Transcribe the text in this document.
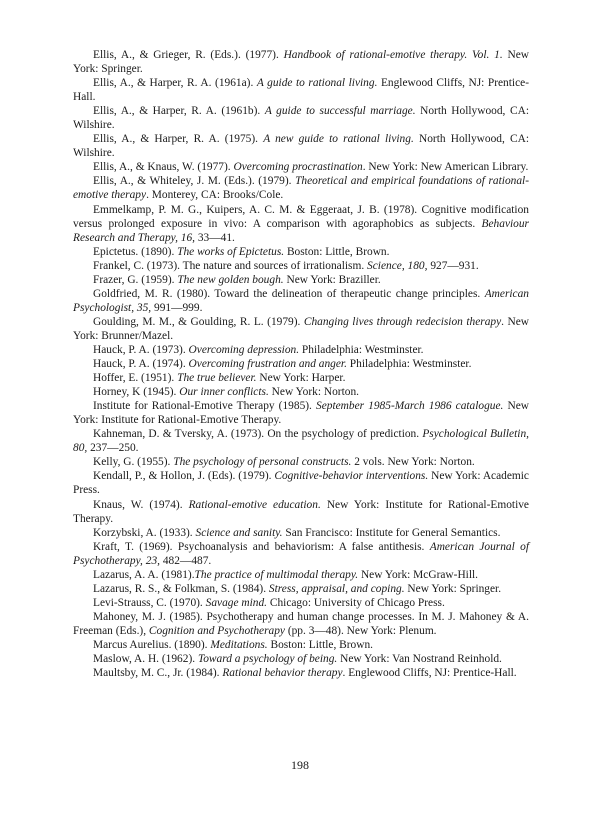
Ellis, A., & Grieger, R. (Eds.). (1977). Handbook of rational-emotive therapy. Vol. 1. New York: Springer.

Ellis, A., & Harper, R. A. (1961a). A guide to rational living. Englewood Cliffs, NJ: Prentice-Hall.

Ellis, A., & Harper, R. A. (1961b). A guide to successful marriage. North Hollywood, CA: Wilshire.

Ellis, A., & Harper, R. A. (1975). A new guide to rational living. North Hollywood, CA: Wilshire.

Ellis, A., & Knaus, W. (1977). Overcoming procrastination. New York: New American Library.

Ellis, A., & Whiteley, J. M. (Eds.). (1979). Theoretical and empirical foundations of rational-emotive therapy. Monterey, CA: Brooks/Cole.

Emmelkamp, P. M. G., Kuipers, A. C. M. & Eggeraat, J. B. (1978). Cognitive modification versus prolonged exposure in vivo: A comparison with agoraphobics as subjects. Behaviour Research and Therapy, 16, 33—41.

Epictetus. (1890). The works of Epictetus. Boston: Little, Brown.

Frankel, C. (1973). The nature and sources of irrationalism. Science, 180, 927—931.

Frazer, G. (1959). The new golden bough. New York: Braziller.

Goldfried, M. R. (1980). Toward the delineation of therapeutic change principles. American Psychologist, 35, 991—999.

Goulding, M. M., & Goulding, R. L. (1979). Changing lives through redecision therapy. New York: Brunner/Mazel.

Hauck, P. A. (1973). Overcoming depression. Philadelphia: Westminster.

Hauck, P. A. (1974). Overcoming frustration and anger. Philadelphia: Westminster.

Hoffer, E. (1951). The true believer. New York: Harper.

Horney, K (1945). Our inner conflicts. New York: Norton.

Institute for Rational-Emotive Therapy (1985). September 1985-March 1986 catalogue. New York: Institute for Rational-Emotive Therapy.

Kahneman, D. & Tversky, A. (1973). On the psychology of prediction. Psychological Bulletin, 80, 237—250.

Kelly, G. (1955). The psychology of personal constructs. 2 vols. New York: Norton.

Kendall, P., & Hollon, J. (Eds). (1979). Cognitive-behavior interventions. New York: Academic Press.

Knaus, W. (1974). Rational-emotive education. New York: Institute for Rational-Emotive Therapy.

Korzybski, A. (1933). Science and sanity. San Francisco: Institute for General Semantics.

Kraft, T. (1969). Psychoanalysis and behaviorism: A false antithesis. American Journal of Psychotherapy, 23, 482—487.

Lazarus, A. A. (1981).The practice of multimodal therapy. New York: McGraw-Hill.

Lazarus, R. S., & Folkman, S. (1984). Stress, appraisal, and coping. New York: Springer.

Levi-Strauss, C. (1970). Savage mind. Chicago: University of Chicago Press.

Mahoney, M. J. (1985). Psychotherapy and human change processes. In M. J. Mahoney & A. Freeman (Eds.), Cognition and Psychotherapy (pp. 3—48). New York: Plenum.

Marcus Aurelius. (1890). Meditations. Boston: Little, Brown.

Maslow, A. H. (1962). Toward a psychology of being. New York: Van Nostrand Reinhold.

Maultsby, M. C., Jr. (1984). Rational behavior therapy. Englewood Cliffs, NJ: Prentice-Hall.

198
